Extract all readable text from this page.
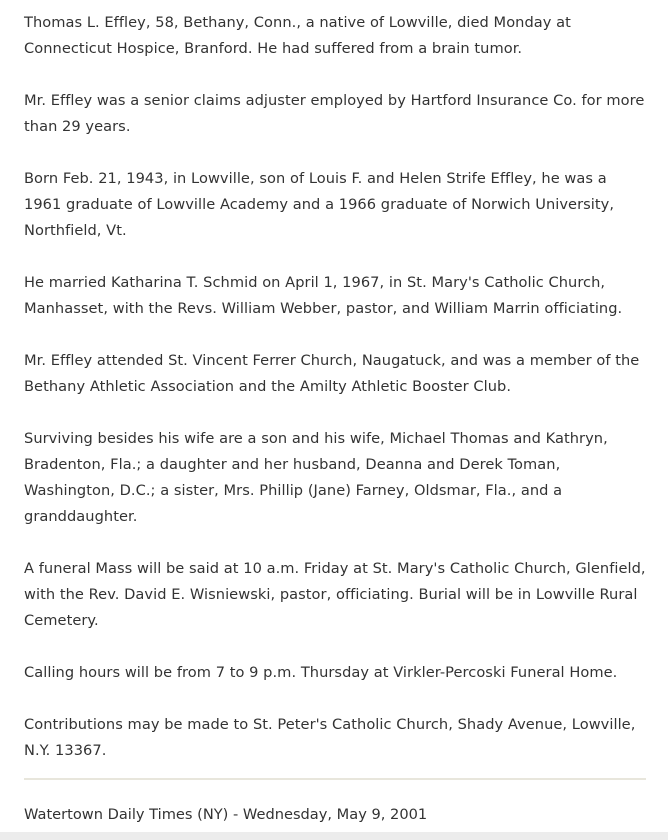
Thomas L. Effley, 58, Bethany, Conn., a native of Lowville, died Monday at Connecticut Hospice, Branford. He had suffered from a brain tumor.

Mr. Effley was a senior claims adjuster employed by Hartford Insurance Co. for more than 29 years.

Born Feb. 21, 1943, in Lowville, son of Louis F. and Helen Strife Effley, he was a 1961 graduate of Lowville Academy and a 1966 graduate of Norwich University, Northfield, Vt.

He married Katharina T. Schmid on April 1, 1967, in St. Mary's Catholic Church, Manhasset, with the Revs. William Webber, pastor, and William Marrin officiating.

Mr. Effley attended St. Vincent Ferrer Church, Naugatuck, and was a member of the Bethany Athletic Association and the Amilty Athletic Booster Club.

Surviving besides his wife are a son and his wife, Michael Thomas and Kathryn, Bradenton, Fla.; a daughter and her husband, Deanna and Derek Toman, Washington, D.C.; a sister, Mrs. Phillip (Jane) Farney, Oldsmar, Fla., and a granddaughter.

A funeral Mass will be said at 10 a.m. Friday at St. Mary's Catholic Church, Glenfield, with the Rev. David E. Wisniewski, pastor, officiating. Burial will be in Lowville Rural Cemetery.

Calling hours will be from 7 to 9 p.m. Thursday at Virkler-Percoski Funeral Home.

Contributions may be made to St. Peter's Catholic Church, Shady Avenue, Lowville, N.Y. 13367.

Watertown Daily Times (NY) - Wednesday, May 9, 2001
